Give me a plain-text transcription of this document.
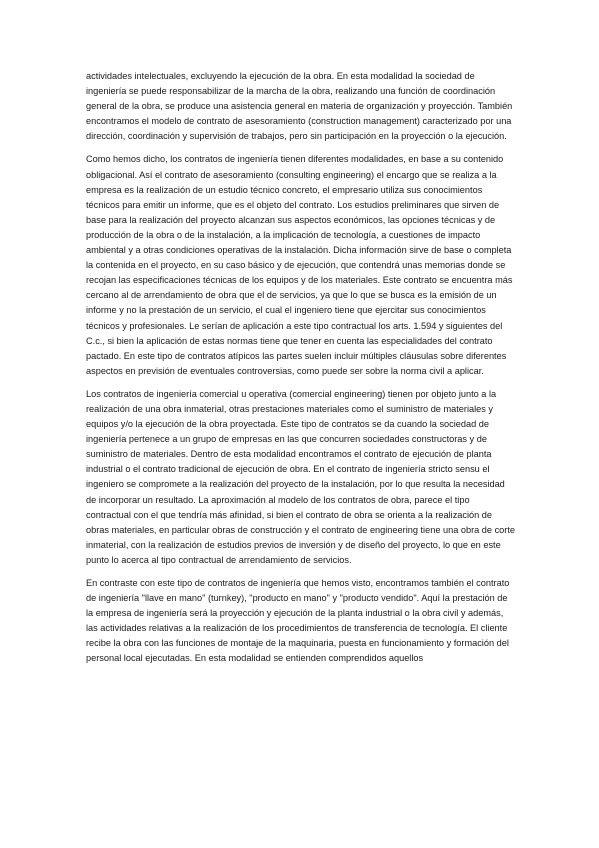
actividades intelectuales, excluyendo la ejecución de la obra. En esta modalidad la sociedad de ingeniería se puede responsabilizar de la marcha de la obra, realizando una función de coordinación general de la obra, se produce una asistencia general en materia de organización y proyección. También encontramos el modelo de contrato de asesoramiento (construction management) caracterizado por una dirección, coordinación y supervisión de trabajos, pero sin participación en la proyección o la ejecución.

Como hemos dicho, los contratos de ingeniería tienen diferentes modalidades, en base a su contenido obligacional. Así el contrato de asesoramiento (consulting engineering) el encargo que se realiza a la empresa es la realización de un estudio técnico concreto, el empresario utiliza sus conocimientos técnicos para emitir un informe, que es el objeto del contrato. Los estudios preliminares que sirven de base para la realización del proyecto alcanzan sus aspectos económicos, las opciones técnicas y de producción de la obra o de la instalación, a la implicación de tecnología, a cuestiones de impacto ambiental y a otras condiciones operativas de la instalación. Dicha información sirve de base o completa la contenida en el proyecto, en su caso básico y de ejecución, que contendrá unas memorias donde se recojan las especificaciones técnicas de los equipos y de los materiales. Este contrato se encuentra más cercano al de arrendamiento de obra que el de servicios, ya que lo que se busca es la emisión de un informe y no la prestación de un servicio, el cual el ingeniero tiene que ejercitar sus conocimientos técnicos y profesionales. Le serían de aplicación a este tipo contractual los arts. 1.594 y siguientes del C.c., si bien la aplicación de estas normas tiene que tener en cuenta las especialidades del contrato pactado. En este tipo de contratos atípicos las partes suelen incluir múltiples cláusulas sobre diferentes aspectos en previsión de eventuales controversias, como puede ser sobre la norma civil a aplicar.

Los contratos de ingeniería comercial u operativa (comercial engineering) tienen por objeto junto a la realización de una obra inmaterial, otras prestaciones materiales como el suministro de materiales y equipos y/o la ejecución de la obra proyectada. Este tipo de contratos se da cuando la sociedad de ingeniería pertenece a un grupo de empresas en las que concurren sociedades constructoras y de suministro de materiales. Dentro de esta modalidad encontramos el contrato de ejecución de planta industrial o el contrato tradicional de ejecución de obra. En el contrato de ingeniería stricto sensu el ingeniero se compromete a la realización del proyecto de la instalación, por lo que resulta la necesidad de incorporar un resultado. La aproximación al modelo de los contratos de obra, parece el tipo contractual con el que tendría más afinidad, si bien el contrato de obra se orienta a la realización de obras materiales, en particular obras de construcción y el contrato de engineering tiene una obra de corte inmaterial, con la realización de estudios previos de inversión y de diseño del proyecto, lo que en este punto lo acerca al tipo contractual de arrendamiento de servicios.

En contraste con este tipo de contratos de ingeniería que hemos visto, encontramos también el contrato de ingeniería "llave en mano" (turnkey), "producto en mano" y "producto vendido". Aquí la prestación de la empresa de ingeniería será la proyección y ejecución de la planta industrial o la obra civil y además, las actividades relativas a la realización de los procedimientos de transferencia de tecnología. El cliente recibe la obra con las funciones de montaje de la maquinaria, puesta en funcionamiento y formación del personal local ejecutadas. En esta modalidad se entienden comprendidos aquellos
